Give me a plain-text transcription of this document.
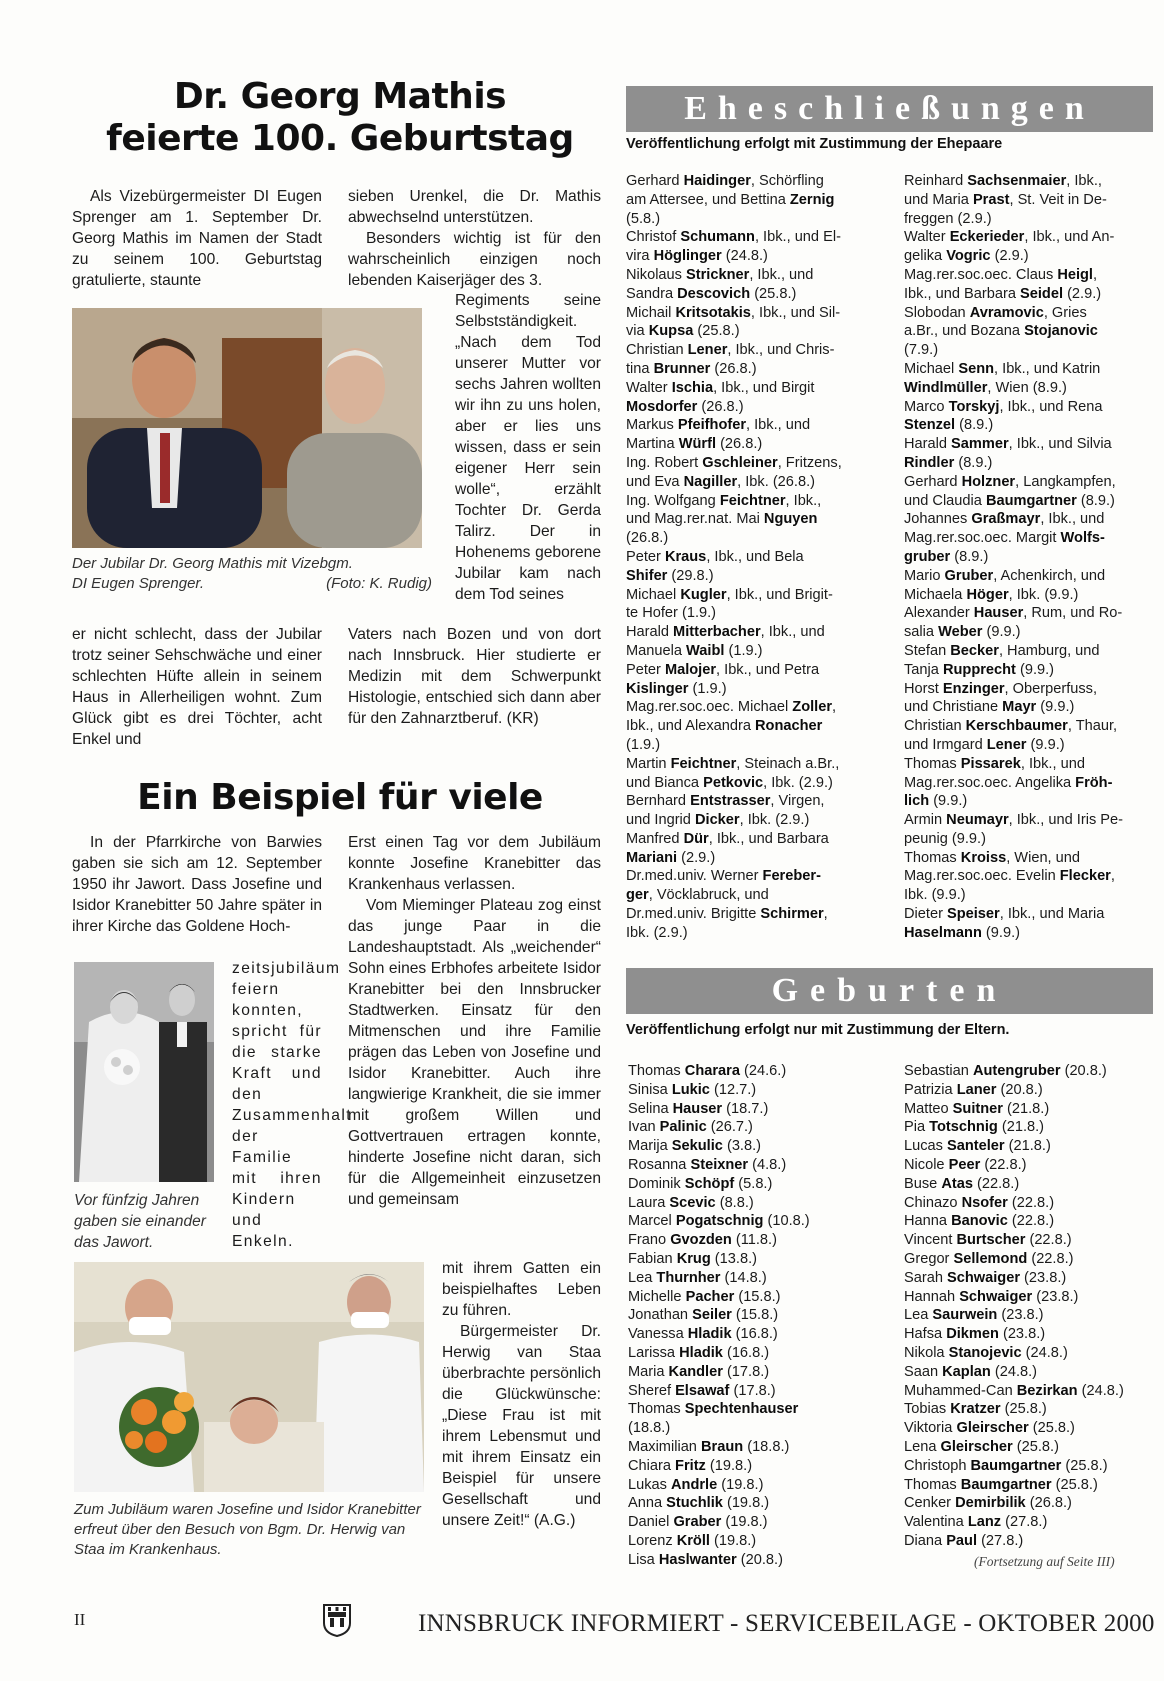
Dr. Georg Mathis
feierte 100. Geburtstag

Als Vizebürgermeister DI Eugen Sprenger am 1. September Dr. Georg Mathis im Namen der Stadt zu seinem 100. Geburtstag gratulierte, staunte

sieben Urenkel, die Dr. Mathis abwechselnd unterstützen.

Besonders wichtig ist für den wahrscheinlich einzigen noch lebenden Kaiserjäger des 3.

Der Jubilar Dr. Georg Mathis mit Vizebgm.
DI Eugen Sprenger.	(Foto: K. Rudig)

Regiments seine Selbstständigkeit. „Nach dem Tod unserer Mutter vor sechs Jahren wollten wir ihn zu uns holen, aber er lies uns wissen, dass er sein eigener Herr sein wolle“, erzählt Tochter Dr. Gerda Talirz. Der in Hohenems geborene Jubilar kam nach dem Tod seines

er nicht schlecht, dass der Jubilar trotz seiner Sehschwäche und einer schlechten Hüfte allein in seinem Haus in Allerheiligen wohnt. Zum Glück gibt es drei Töchter, acht Enkel und

Vaters nach Bozen und von dort nach Innsbruck. Hier studierte er Medizin mit dem Schwerpunkt Histologie, entschied sich dann aber für den Zahnarztberuf. (KR)

Ein Beispiel für viele

In der Pfarrkirche von Barwies gaben sie sich am 12. September 1950 ihr Jawort. Dass Josefine und Isidor Kranebitter 50 Jahre später in ihrer Kirche das Goldene Hoch-

zeitsjubiläum feiern konnten, spricht für die starke Kraft und den Zusammenhalt der Familie mit ihren Kindern und Enkeln.

Vor fünfzig Jahren gaben sie einander das Jawort.

Erst einen Tag vor dem Jubiläum konnte Josefine Kranebitter das Krankenhaus verlassen.

Vom Mieminger Plateau zog einst das junge Paar in die Landeshauptstadt. Als „weichender“ Sohn eines Erbhofes arbeitete Isidor Kranebitter bei den Innsbrucker Stadtwerken. Einsatz für den Mitmenschen und ihre Familie prägen das Leben von Josefine und Isidor Kranebitter. Auch ihre langwierige Krankheit, die sie immer mit großem Willen und Gottvertrauen ertragen konnte, hinderte Josefine nicht daran, sich für die Allgemeinheit einzusetzen und gemeinsam

Zum Jubiläum waren Josefine und Isidor Kranebitter erfreut über den Besuch von Bgm. Dr. Herwig van Staa im Krankenhaus.

mit ihrem Gatten ein beispielhaftes Leben zu führen.

Bürgermeister Dr. Herwig van Staa überbrachte persönlich die Glückwünsche: „Diese Frau ist mit ihrem Lebensmut und mit ihrem Einsatz ein Beispiel für unsere Gesellschaft und unsere Zeit!“ (A.G.)

Eheschließungen

Veröffentlichung erfolgt mit Zustimmung der Ehepaare

Gerhard Haidinger, Schörfling
am Attersee, und Bettina Zernig
(5.8.)
Christof Schumann, Ibk., und El-
vira Höglinger (24.8.)
Nikolaus Strickner, Ibk., und
Sandra Descovich (25.8.)
Michail Kritsotakis, Ibk., und Sil-
via Kupsa (25.8.)
Christian Lener, Ibk., und Chris-
tina Brunner (26.8.)
Walter Ischia, Ibk., und Birgit
Mosdorfer (26.8.)
Markus Pfeifhofer, Ibk., und
Martina Würfl (26.8.)
Ing. Robert Gschleiner, Fritzens,
und Eva Nagiller, Ibk. (26.8.)
Ing. Wolfgang Feichtner, Ibk.,
und Mag.rer.nat. Mai Nguyen
(26.8.)
Peter Kraus, Ibk., und Bela
Shifer (29.8.)
Michael Kugler, Ibk., und Brigit-
te Hofer (1.9.)
Harald Mitterbacher, Ibk., und
Manuela Waibl (1.9.)
Peter Malojer, Ibk., und Petra
Kislinger (1.9.)
Mag.rer.soc.oec. Michael Zoller,
Ibk., und Alexandra Ronacher
(1.9.)
Martin Feichtner, Steinach a.Br.,
und Bianca Petkovic, Ibk. (2.9.)
Bernhard Entstrasser, Virgen,
und Ingrid Dicker, Ibk. (2.9.)
Manfred Dür, Ibk., und Barbara
Mariani (2.9.)
Dr.med.univ. Werner Fereber-
ger, Vöcklabruck, und
Dr.med.univ. Brigitte Schirmer,
Ibk. (2.9.)
Reinhard Sachsenmaier, Ibk.,
und Maria Prast, St. Veit in De-
freggen (2.9.)
Walter Eckerieder, Ibk., und An-
gelika Vogric (2.9.)
Mag.rer.soc.oec. Claus Heigl,
Ibk., und Barbara Seidel (2.9.)
Slobodan Avramovic, Gries
a.Br., und Bozana Stojanovic
(7.9.)
Michael Senn, Ibk., und Katrin
Windlmüller, Wien (8.9.)
Marco Torskyj, Ibk., und Rena
Stenzel (8.9.)
Harald Sammer, Ibk., und Silvia
Rindler (8.9.)
Gerhard Holzner, Langkampfen,
und Claudia Baumgartner (8.9.)
Johannes Graßmayr, Ibk., und
Mag.rer.soc.oec. Margit Wolfs-
gruber (8.9.)
Mario Gruber, Achenkirch, und
Michaela Höger, Ibk. (9.9.)
Alexander Hauser, Rum, und Ro-
salia Weber (9.9.)
Stefan Becker, Hamburg, und
Tanja Rupprecht (9.9.)
Horst Enzinger, Oberperfuss,
und Christiane Mayr (9.9.)
Christian Kerschbaumer, Thaur,
und Irmgard Lener (9.9.)
Thomas Pissarek, Ibk., und
Mag.rer.soc.oec. Angelika Fröh-
lich (9.9.)
Armin Neumayr, Ibk., und Iris Pe-
peunig (9.9.)
Thomas Kroiss, Wien, und
Mag.rer.soc.oec. Evelin Flecker,
Ibk. (9.9.)
Dieter Speiser, Ibk., und Maria
Haselmann (9.9.)
Geburten

Veröffentlichung erfolgt nur mit Zustimmung der Eltern.

Thomas Charara (24.6.)
Sinisa Lukic (12.7.)
Selina Hauser (18.7.)
Ivan Palinic (26.7.)
Marija Sekulic (3.8.)
Rosanna Steixner (4.8.)
Dominik Schöpf (5.8.)
Laura Scevic (8.8.)
Marcel Pogatschnig (10.8.)
Frano Gvozden (11.8.)
Fabian Krug (13.8.)
Lea Thurnher (14.8.)
Michelle Pacher (15.8.)
Jonathan Seiler (15.8.)
Vanessa Hladik (16.8.)
Larissa Hladik (16.8.)
Maria Kandler (17.8.)
Sheref Elsawaf (17.8.)
Thomas Spechtenhauser
(18.8.)
Maximilian Braun (18.8.)
Chiara Fritz (19.8.)
Lukas Andrle (19.8.)
Anna Stuchlik (19.8.)
Daniel Graber (19.8.)
Lorenz Kröll (19.8.)
Lisa Haslwanter (20.8.)
Sebastian Autengruber (20.8.)
Patrizia Laner (20.8.)
Matteo Suitner (21.8.)
Pia Totschnig (21.8.)
Lucas Santeler (21.8.)
Nicole Peer (22.8.)
Buse Atas (22.8.)
Chinazo Nsofer (22.8.)
Hanna Banovic (22.8.)
Vincent Burtscher (22.8.)
Gregor Sellemond (22.8.)
Sarah Schwaiger (23.8.)
Hannah Schwaiger (23.8.)
Lea Saurwein (23.8.)
Hafsa Dikmen (23.8.)
Nikola Stanojevic (24.8.)
Saan Kaplan (24.8.)
Muhammed-Can Bezirkan (24.8.)
Tobias Kratzer (25.8.)
Viktoria Gleirscher (25.8.)
Lena Gleirscher (25.8.)
Christoph Baumgartner (25.8.)
Thomas Baumgartner (25.8.)
Cenker Demirbilik (26.8.)
Valentina Lanz (27.8.)
Diana Paul (27.8.)
(Fortsetzung auf Seite III)
II	INNSBRUCK INFORMIERT - SERVICEBEILAGE - OKTOBER 2000
